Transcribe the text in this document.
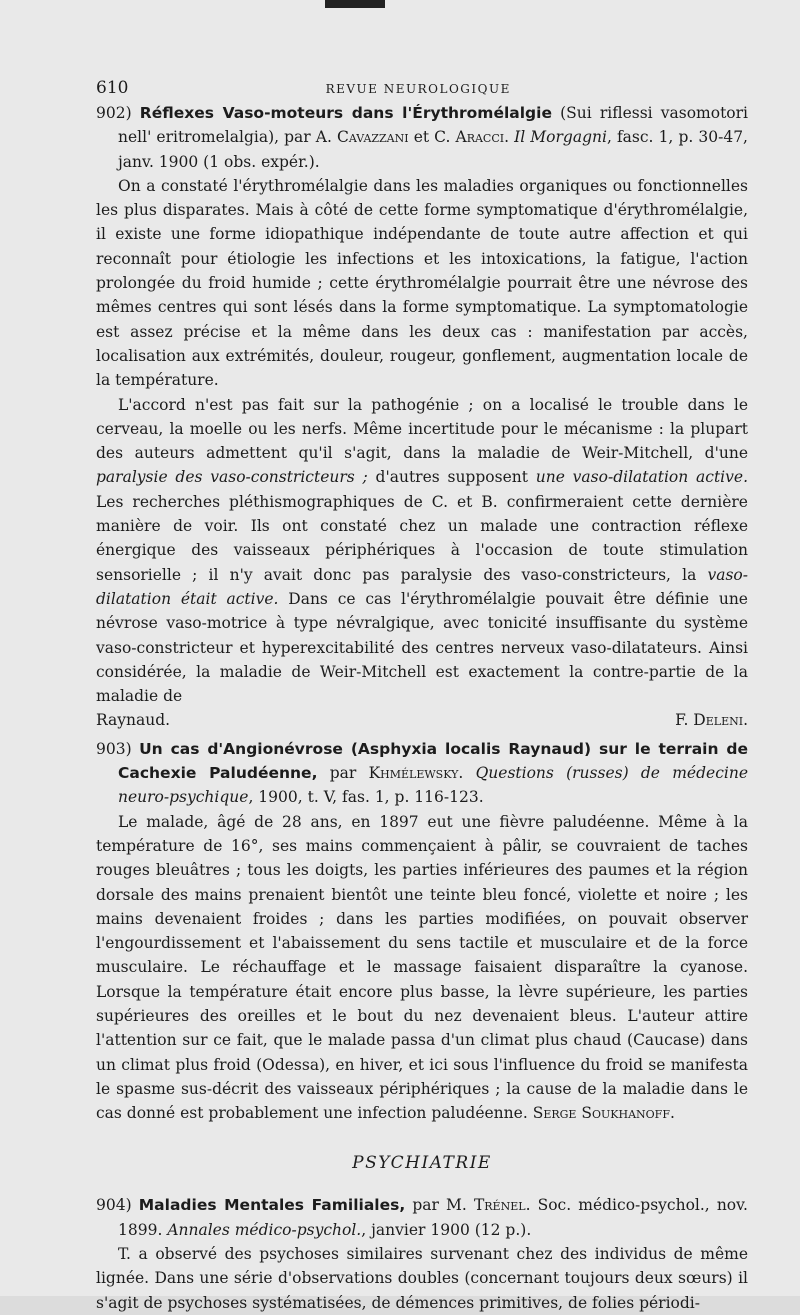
610	REVUE NEUROLOGIQUE

902) Réflexes Vaso-moteurs dans l'Érythromélalgie (Sui riflessi vasomotori nell' eritromelalgia), par A. Cavazzani et C. Aracci. Il Morgagni, fasc. 1, p. 30-47, janv. 1900 (1 obs. expér.).

On a constaté l'érythromélalgie dans les maladies organiques ou fonctionnelles les plus disparates. Mais à côté de cette forme symptomatique d'érythromélalgie, il existe une forme idiopathique indépendante de toute autre affection et qui reconnaît pour étiologie les infections et les intoxications, la fatigue, l'action prolongée du froid humide ; cette érythromélalgie pourrait être une névrose des mêmes centres qui sont lésés dans la forme symptomatique. La symptomatologie est assez précise et la même dans les deux cas : manifestation par accès, localisation aux extrémités, douleur, rougeur, gonflement, augmentation locale de la température.

L'accord n'est pas fait sur la pathogénie ; on a localisé le trouble dans le cerveau, la moelle ou les nerfs. Même incertitude pour le mécanisme : la plupart des auteurs admettent qu'il s'agit, dans la maladie de Weir-Mitchell, d'une paralysie des vaso-constricteurs ; d'autres supposent une vaso-dilatation active. Les recherches pléthismographiques de C. et B. confirmeraient cette dernière manière de voir. Ils ont constaté chez un malade une contraction réflexe énergique des vaisseaux périphériques à l'occasion de toute stimulation sensorielle ; il n'y avait donc pas paralysie des vaso-constricteurs, la vaso-dilatation était active. Dans ce cas l'érythromélalgie pouvait être définie une névrose vaso-motrice à type névralgique, avec tonicité insuffisante du système vaso-constricteur et hyperexcitabilité des centres nerveux vaso-dilatateurs. Ainsi considérée, la maladie de Weir-Mitchell est exactement la contre-partie de la maladie de

Raynaud.	F. Deleni.

903) Un cas d'Angionévrose (Asphyxia localis Raynaud) sur le terrain de Cachexie Paludéenne, par Khmélewsky. Questions (russes) de médecine neuro-psychique, 1900, t. V, fas. 1, p. 116-123.

Le malade, âgé de 28 ans, en 1897 eut une fièvre paludéenne. Même à la température de 16°, ses mains commençaient à pâlir, se couvraient de taches rouges bleuâtres ; tous les doigts, les parties inférieures des paumes et la région dorsale des mains prenaient bientôt une teinte bleu foncé, violette et noire ; les mains devenaient froides ; dans les parties modifiées, on pouvait observer l'engourdissement et l'abaissement du sens tactile et musculaire et de la force musculaire. Le réchauffage et le massage faisaient disparaître la cyanose. Lorsque la température était encore plus basse, la lèvre supérieure, les parties supérieures des oreilles et le bout du nez devenaient bleus. L'auteur attire l'attention sur ce fait, que le malade passa d'un climat plus chaud (Caucase) dans un climat plus froid (Odessa), en hiver, et ici sous l'influence du froid se manifesta le spasme sus-décrit des vaisseaux périphériques ; la cause de la maladie dans le cas donné est probablement une infection paludéenne. Serge Soukhanoff.

PSYCHIATRIE

904) Maladies Mentales Familiales, par M. Trénel. Soc. médico-psychol., nov. 1899. Annales médico-psychol., janvier 1900 (12 p.).

T. a observé des psychoses similaires survenant chez des individus de même lignée. Dans une série d'observations doubles (concernant toujours deux sœurs) il s'agit de psychoses systématisées, de démences primitives, de folies périodi-
